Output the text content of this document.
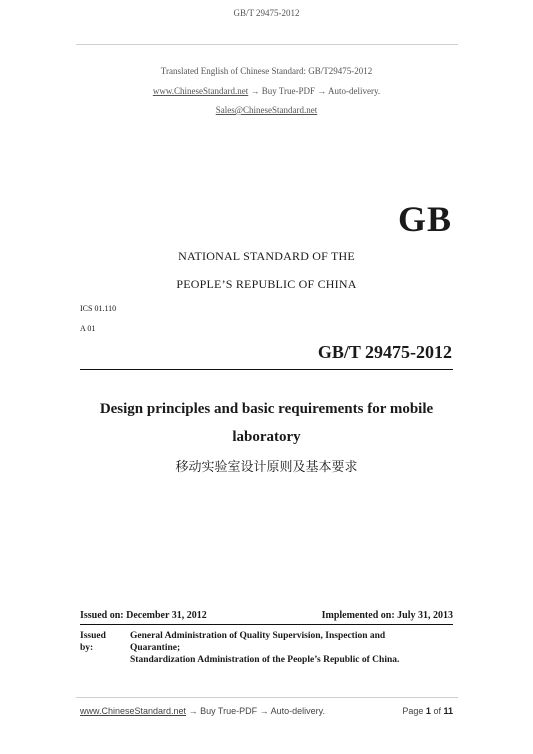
GB/T 29475-2012
Translated English of Chinese Standard: GB/T29475-2012
www.ChineseStandard.net → Buy True-PDF → Auto-delivery.
Sales@ChineseStandard.net
GB
NATIONAL STANDARD OF THE
PEOPLE’S REPUBLIC OF CHINA
ICS 01.110
A 01
GB/T 29475-2012
Design principles and basic requirements for mobile
laboratory
移动实验室设计原则及基本要求
Issued on: December 31, 2012	Implemented on: July 31, 2013
Issued by:
General Administration of Quality Supervision, Inspection and
Quarantine;
Standardization Administration of the People’s Republic of China.
www.ChineseStandard.net → Buy True-PDF → Auto-delivery.	Page 1 of 11
